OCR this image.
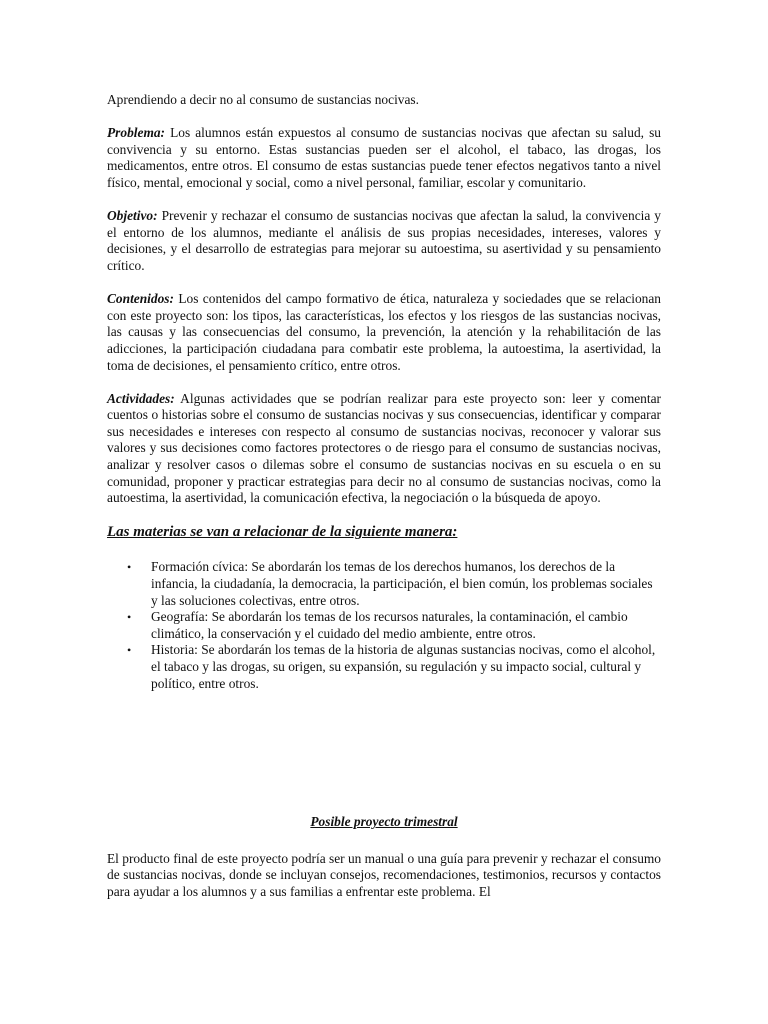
Aprendiendo a decir no al consumo de sustancias nocivas.

Problema: Los alumnos están expuestos al consumo de sustancias nocivas que afectan su salud, su convivencia y su entorno. Estas sustancias pueden ser el alcohol, el tabaco, las drogas, los medicamentos, entre otros. El consumo de estas sustancias puede tener efectos negativos tanto a nivel físico, mental, emocional y social, como a nivel personal, familiar, escolar y comunitario.

Objetivo: Prevenir y rechazar el consumo de sustancias nocivas que afectan la salud, la convivencia y el entorno de los alumnos, mediante el análisis de sus propias necesidades, intereses, valores y decisiones, y el desarrollo de estrategias para mejorar su autoestima, su asertividad y su pensamiento crítico.

Contenidos: Los contenidos del campo formativo de ética, naturaleza y sociedades que se relacionan con este proyecto son: los tipos, las características, los efectos y los riesgos de las sustancias nocivas, las causas y las consecuencias del consumo, la prevención, la atención y la rehabilitación de las adicciones, la participación ciudadana para combatir este problema, la autoestima, la asertividad, la toma de decisiones, el pensamiento crítico, entre otros.

Actividades: Algunas actividades que se podrían realizar para este proyecto son: leer y comentar cuentos o historias sobre el consumo de sustancias nocivas y sus consecuencias, identificar y comparar sus necesidades e intereses con respecto al consumo de sustancias nocivas, reconocer y valorar sus valores y sus decisiones como factores protectores o de riesgo para el consumo de sustancias nocivas, analizar y resolver casos o dilemas sobre el consumo de sustancias nocivas en su escuela o en su comunidad, proponer y practicar estrategias para decir no al consumo de sustancias nocivas, como la autoestima, la asertividad, la comunicación efectiva, la negociación o la búsqueda de apoyo.

Las materias se van a relacionar de la siguiente manera:
• Formación cívica: Se abordarán los temas de los derechos humanos, los derechos de la infancia, la ciudadanía, la democracia, la participación, el bien común, los problemas sociales y las soluciones colectivas, entre otros.
• Geografía: Se abordarán los temas de los recursos naturales, la contaminación, el cambio climático, la conservación y el cuidado del medio ambiente, entre otros.
• Historia: Se abordarán los temas de la historia de algunas sustancias nocivas, como el alcohol, el tabaco y las drogas, su origen, su expansión, su regulación y su impacto social, cultural y político, entre otros.
Posible proyecto trimestral

El producto final de este proyecto podría ser un manual o una guía para prevenir y rechazar el consumo de sustancias nocivas, donde se incluyan consejos, recomendaciones, testimonios, recursos y contactos para ayudar a los alumnos y a sus familias a enfrentar este problema. El
